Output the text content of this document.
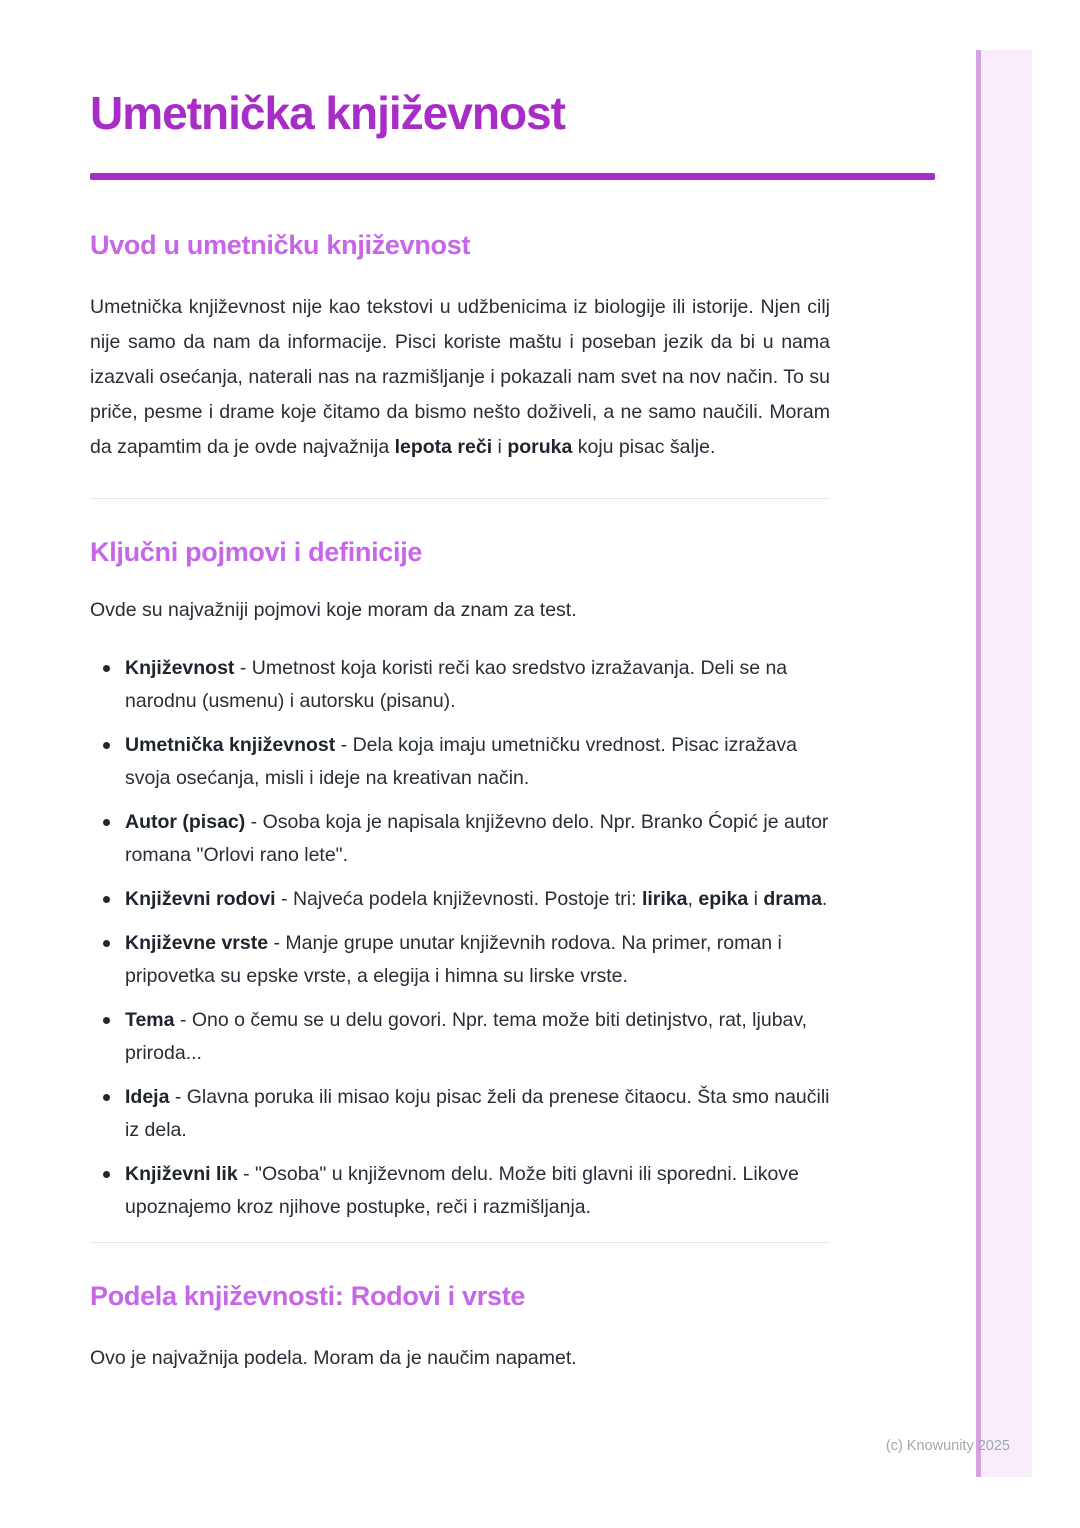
Umetnička književnost
Uvod u umetničku književnost

Umetnička književnost nije kao tekstovi u udžbenicima iz biologije ili istorije. Njen cilj nije samo da nam da informacije. Pisci koriste maštu i poseban jezik da bi u nama izazvali osećanja, naterali nas na razmišljanje i pokazali nam svet na nov način. To su priče, pesme i drame koje čitamo da bismo nešto doživeli, a ne samo naučili. Moram da zapamtim da je ovde najvažnija lepota reči i poruka koju pisac šalje.

Ključni pojmovi i definicije

Ovde su najvažniji pojmovi koje moram da znam za test.

Književnost - Umetnost koja koristi reči kao sredstvo izražavanja. Deli se na narodnu (usmenu) i autorsku (pisanu).
Umetnička književnost - Dela koja imaju umetničku vrednost. Pisac izražava svoja osećanja, misli i ideje na kreativan način.
Autor (pisac) - Osoba koja je napisala književno delo. Npr. Branko Ćopić je autor romana "Orlovi rano lete".
Književni rodovi - Najveća podela književnosti. Postoje tri: lirika, epika i drama.
Književne vrste - Manje grupe unutar književnih rodova. Na primer, roman i pripovetka su epske vrste, a elegija i himna su lirske vrste.
Tema - Ono o čemu se u delu govori. Npr. tema može biti detinjstvo, rat, ljubav, priroda...
Ideja - Glavna poruka ili misao koju pisac želi da prenese čitaocu. Šta smo naučili iz dela.
Književni lik - "Osoba" u književnom delu. Može biti glavni ili sporedni. Likove upoznajemo kroz njihove postupke, reči i razmišljanja.
Podela književnosti: Rodovi i vrste

Ovo je najvažnija podela. Moram da je naučim napamet.

(c) Knowunity 2025
